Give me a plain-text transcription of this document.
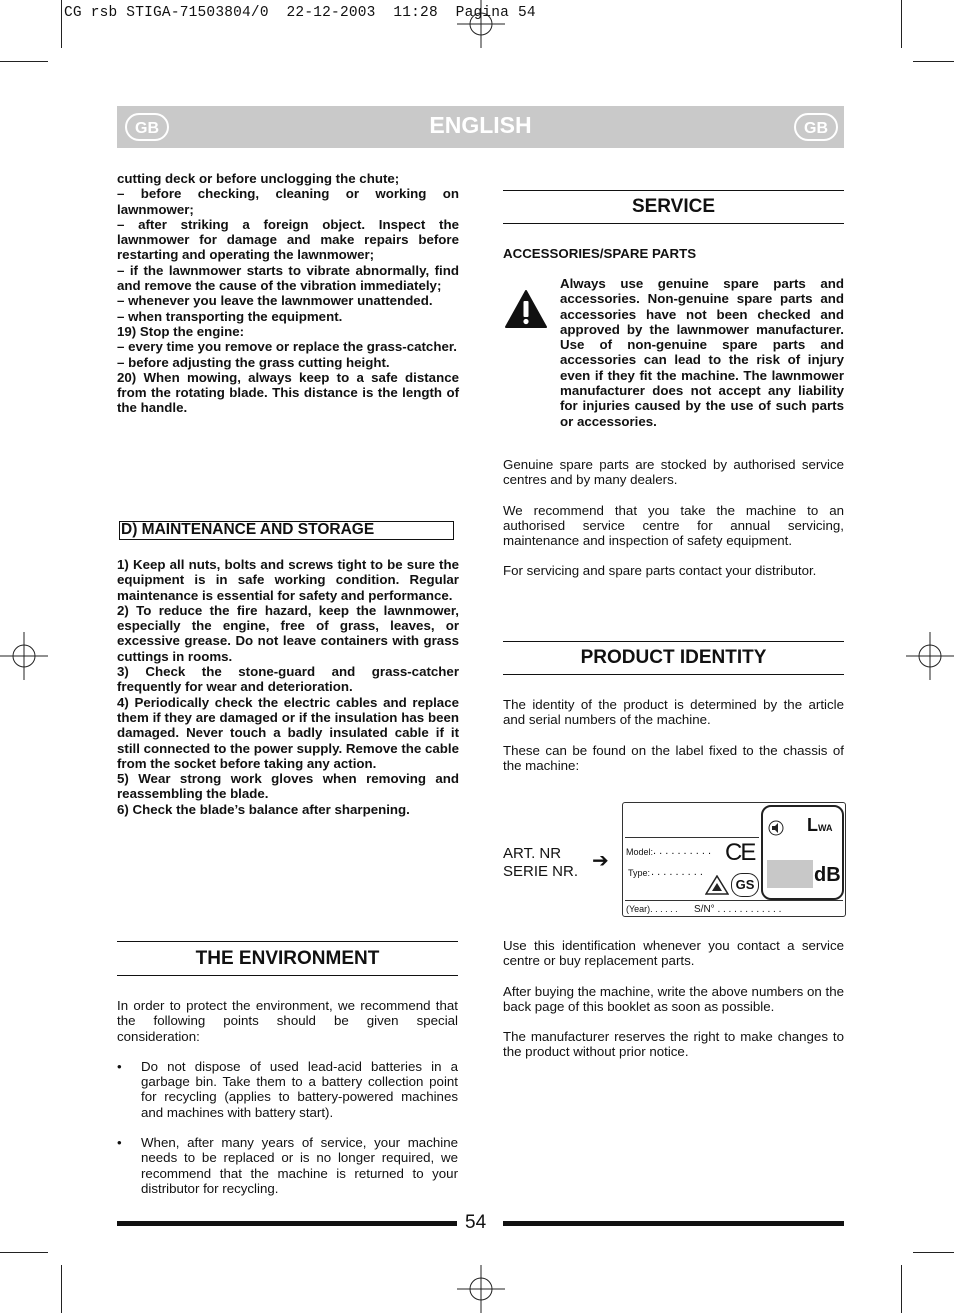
CG rsb STIGA-71503804/0  22-12-2003  11:28  Pagina 54
GB	ENGLISH	GB

cutting deck or before unclogging the chute;

– before checking, cleaning or working on lawnmower;

– after striking a foreign object. Inspect the lawnmower for damage and make repairs before restarting and operating the lawnmower;

– if the lawnmower starts to vibrate abnormally, find and remove the cause of the vibration immediately;

– whenever you leave the lawnmower unattended.

– when transporting the equipment.

19) Stop the engine:

– every time you remove or replace the grass-catcher.

– before adjusting the grass cutting height.

20) When mowing, always keep to a safe distance from the rotating blade. This distance is the length of the handle.

D) MAINTENANCE AND STORAGE

1) Keep all nuts, bolts and screws tight to be sure the equipment is in safe working condition. Regular maintenance is essential for safety and performance.

2) To reduce the fire hazard, keep the lawnmower, especially the engine, free of grass, leaves, or excessive grease. Do not leave containers with grass cuttings in rooms.

3) Check the stone-guard and grass-catcher frequently for wear and deterioration.

4) Periodically check the electric cables and replace them if they are damaged or if the insulation has been damaged. Never touch a badly insulated cable if it still connected to the power supply. Remove the cable from the socket before taking any action.

5) Wear strong work gloves when removing and reassembling the blade.

6) Check the blade’s balance after sharpening.

THE ENVIRONMENT

In order to protect the environment, we recommend that the following points should be given special consideration:

• Do not dispose of used lead-acid batteries in a garbage bin. Take them to a battery collection point for recycling (applies to battery-powered machines and machines with battery start).
• When, after many years of service, your machine needs to be replaced or is no longer required, we recommend that the machine is returned to your distributor for recycling.
SERVICE
ACCESSORIES/SPARE PARTS
Always use genuine spare parts and accessories. Non-genuine spare parts and accessories have not been checked and approved by the lawnmower manufacturer. Use of non-genuine spare parts and accessories can lead to the risk of injury even if they fit the machine. The lawnmower manufacturer does not accept any liability for injuries caused by the use of such parts or accessories.

Genuine spare parts are stocked by authorised service centres and by many dealers.

We recommend that you take the machine to an authorised service centre for annual servicing, maintenance and inspection of safety equipment.

For servicing and spare parts contact your distributor.

PRODUCT IDENTITY

The identity of the product is determined by the article and serial numbers of the machine.

These can be found on the label fixed to the chassis of the machine:

ART. NR
SERIE NR. ➔ Model: . . . . . . . . . .
Type: . . . . . . . . .
(Year). . . . . . S/N° . . . . . . . . . . . .
CE
GS
LWA
dB

Use this identification whenever you contact a service centre or buy replacement parts.

After buying the machine, write the above numbers on the back page of this booklet as soon as possible.

The manufacturer reserves the right to make changes to the product without prior notice.

54
